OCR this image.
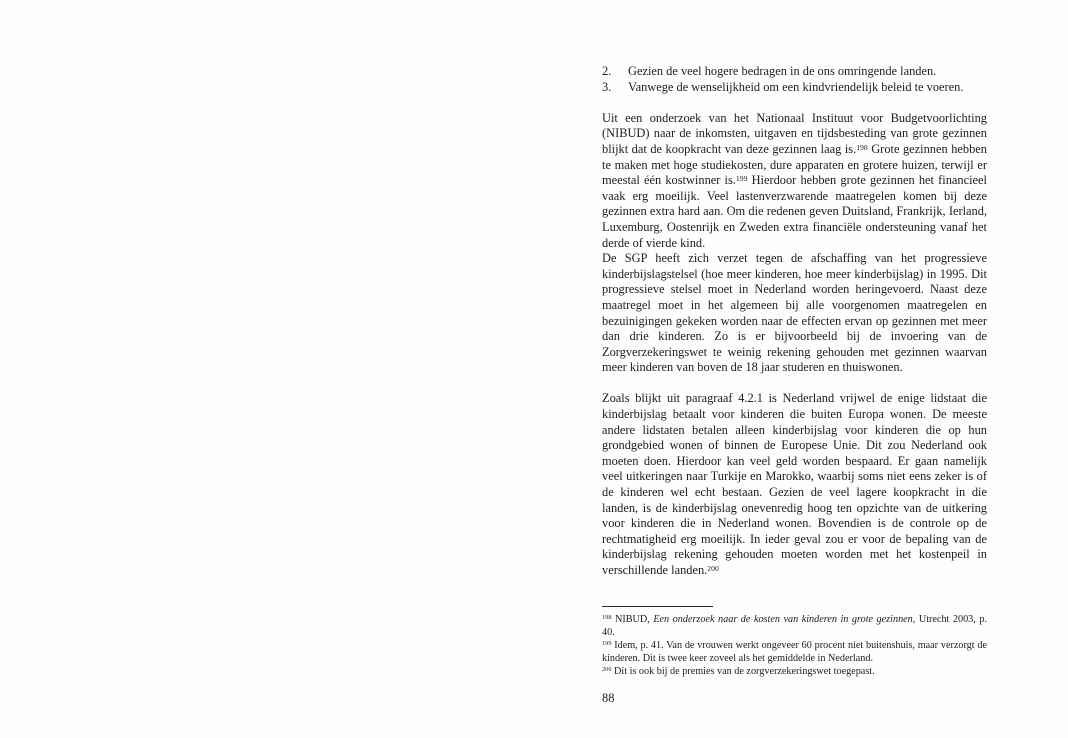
2.	Gezien de veel hogere bedragen in de ons omringende landen.
3.	Vanwege de wenselijkheid om een kindvriendelijk beleid te voeren.

Uit een onderzoek van het Nationaal Instituut voor Budgetvoorlichting (NIBUD) naar de inkomsten, uitgaven en tijdsbesteding van grote gezinnen blijkt dat de koopkracht van deze gezinnen laag is.$^{198}$ Grote gezinnen hebben te maken met hoge studiekosten, dure apparaten en grotere huizen, terwijl er meestal één kostwinner is.$^{199}$ Hierdoor hebben grote gezinnen het financieel vaak erg moeilijk. Veel lastenverzwarende maatregelen komen bij deze gezinnen extra hard aan. Om die redenen geven Duitsland, Frankrijk, Ierland, Luxemburg, Oostenrijk en Zweden extra financiële ondersteuning vanaf het derde of vierde kind.

De SGP heeft zich verzet tegen de afschaffing van het progressieve kinderbijslagstelsel (hoe meer kinderen, hoe meer kinderbijslag) in 1995. Dit progressieve stelsel moet in Nederland worden heringevoerd. Naast deze maatregel moet in het algemeen bij alle voorgenomen maatregelen en bezuinigingen gekeken worden naar de effecten ervan op gezinnen met meer dan drie kinderen. Zo is er bijvoorbeeld bij de invoering van de Zorgverzekeringswet te weinig rekening gehouden met gezinnen waarvan meer kinderen van boven de 18 jaar studeren en thuiswonen.

Zoals blijkt uit paragraaf 4.2.1 is Nederland vrijwel de enige lidstaat die kinderbijslag betaalt voor kinderen die buiten Europa wonen. De meeste andere lidstaten betalen alleen kinderbijslag voor kinderen die op hun grondgebied wonen of binnen de Europese Unie. Dit zou Nederland ook moeten doen. Hierdoor kan veel geld worden bespaard. Er gaan namelijk veel uitkeringen naar Turkije en Marokko, waarbij soms niet eens zeker is of de kinderen wel echt bestaan. Gezien de veel lagere koopkracht in die landen, is de kinderbijslag onevenredig hoog ten opzichte van de uitkering voor kinderen die in Nederland wonen. Bovendien is de controle op de rechtmatigheid erg moeilijk. In ieder geval zou er voor de bepaling van de kinderbijslag rekening gehouden moeten worden met het kostenpeil in verschillende landen.$^{200}$

$^{198}$ NIBUD, Een onderzoek naar de kosten van kinderen in grote gezinnen, Utrecht 2003, p. 40.
$^{199}$ Idem, p. 41. Van de vrouwen werkt ongeveer 60 procent niet buitenshuis, maar verzorgt de kinderen. Dit is twee keer zoveel als het gemiddelde in Nederland.
$^{200}$ Dit is ook bij de premies van de zorgverzekeringswet toegepast.
88
